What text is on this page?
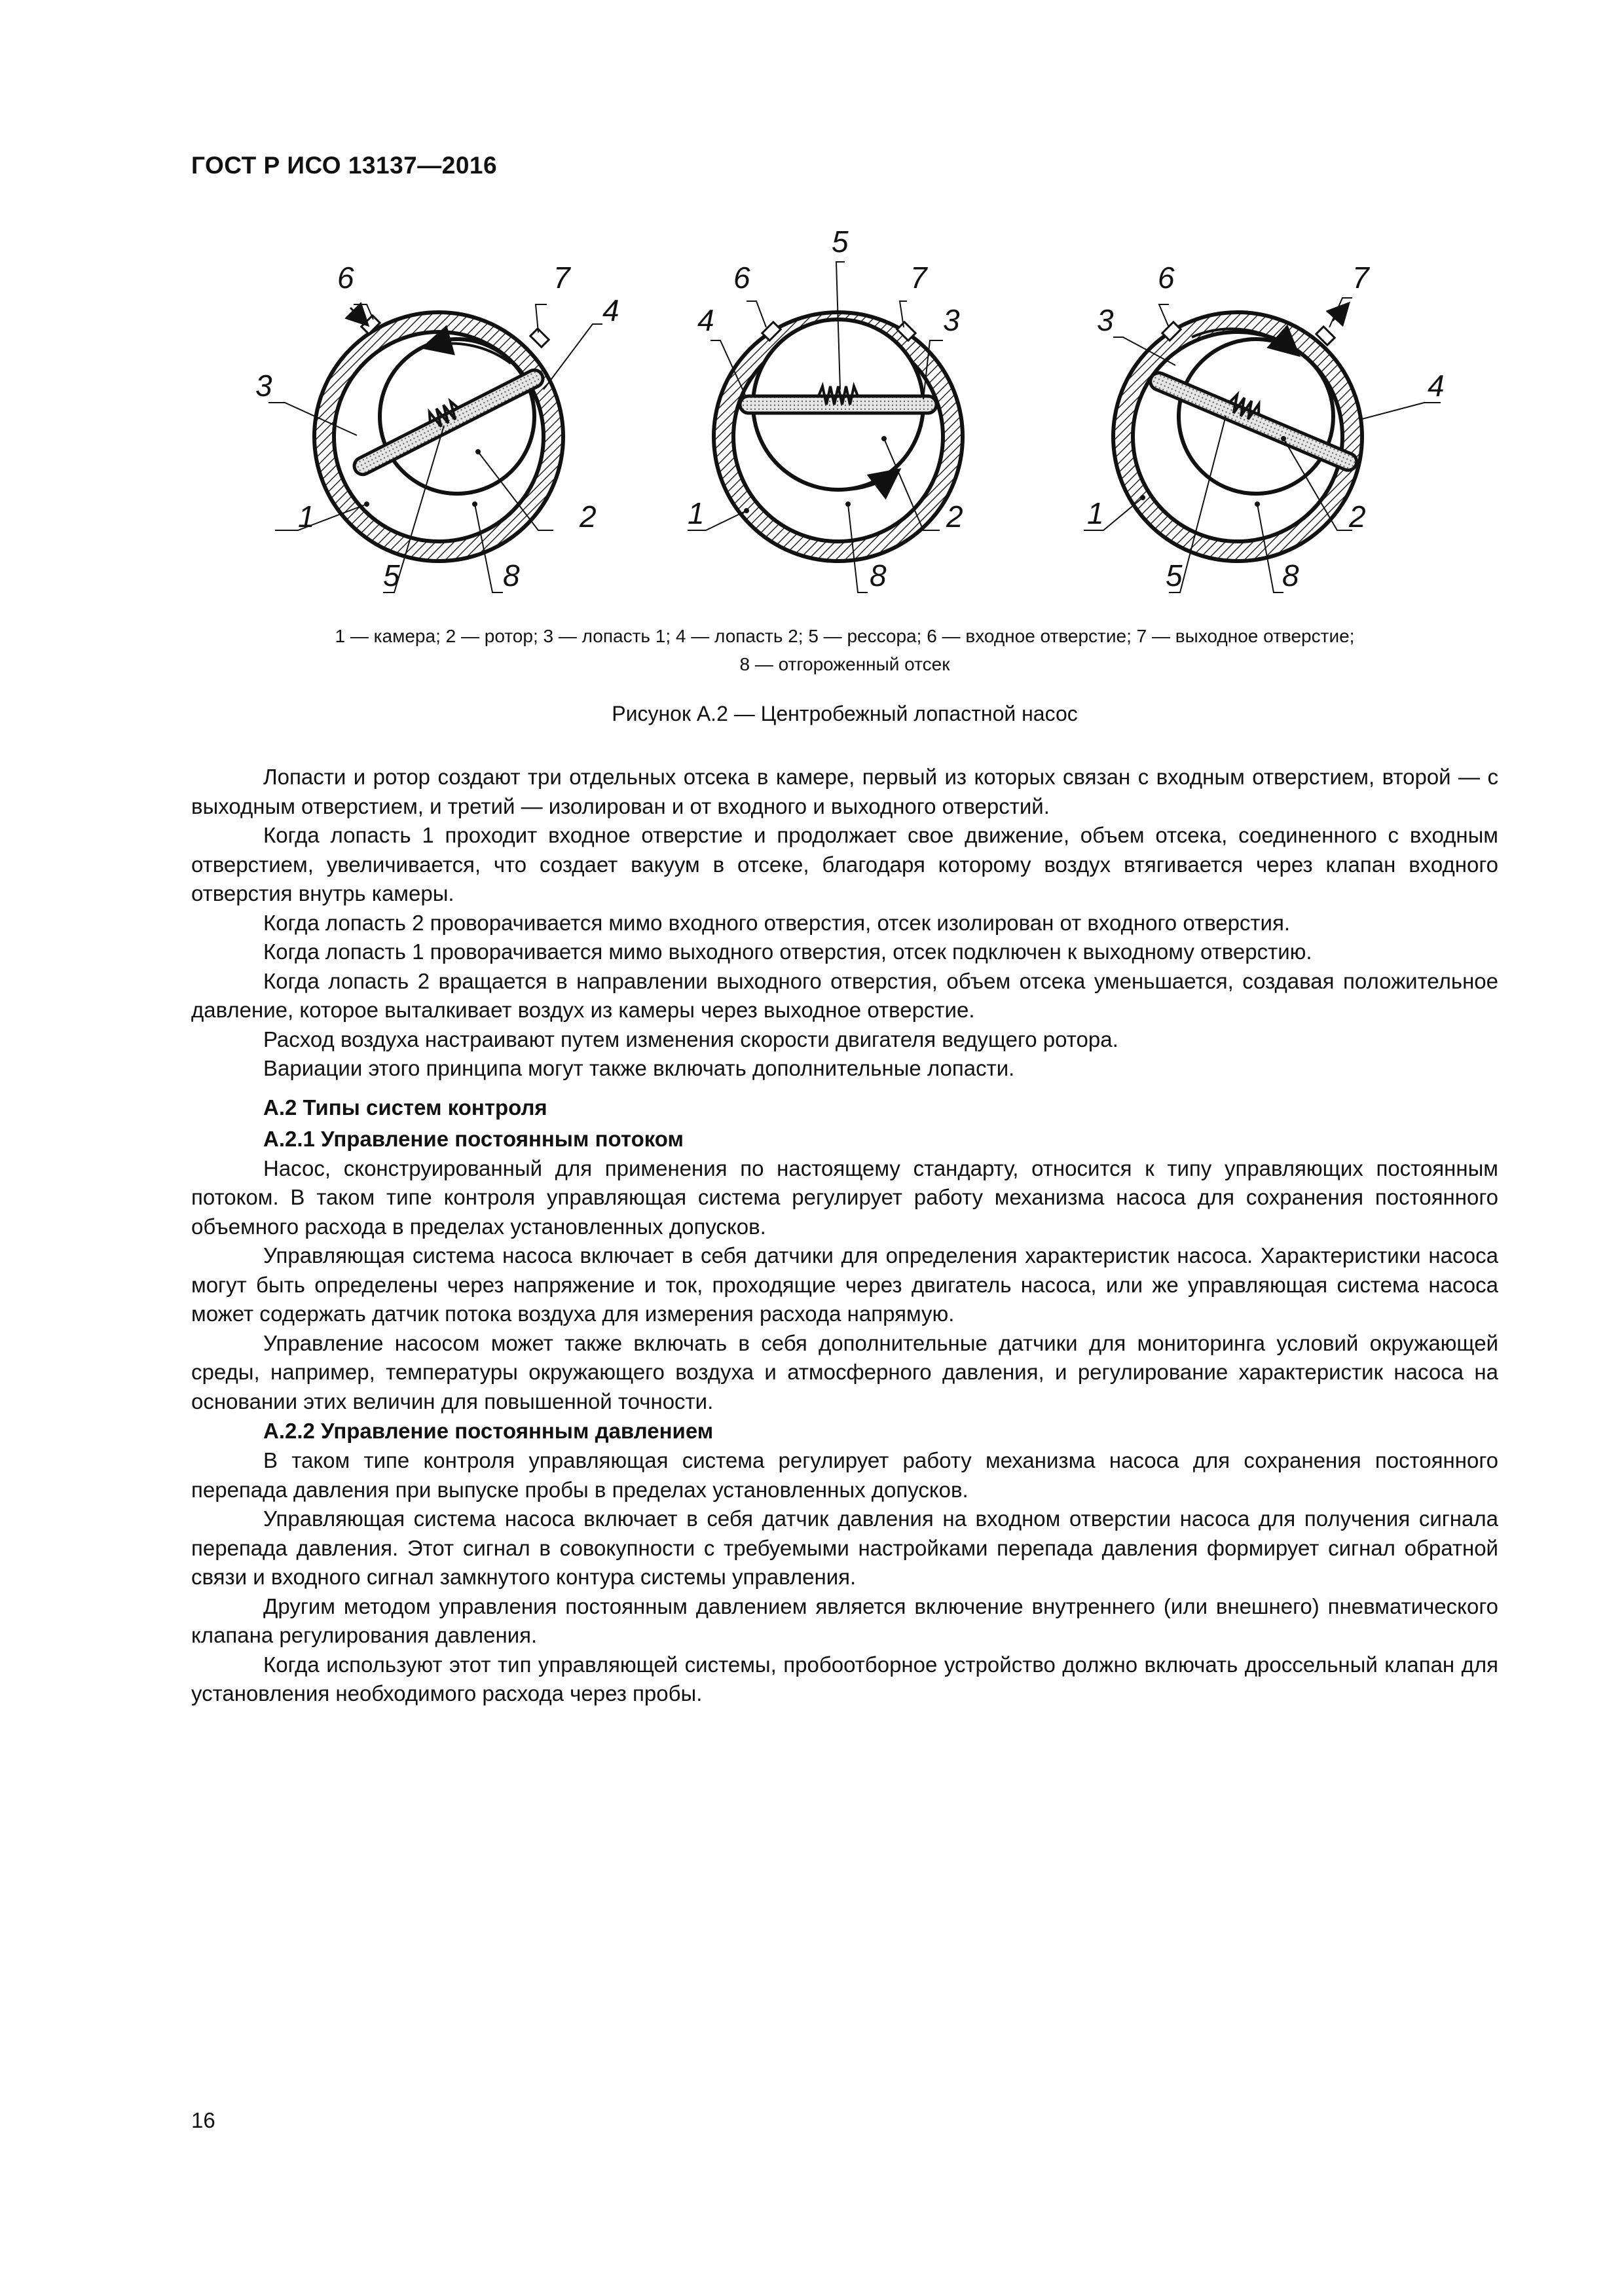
ГОСТ Р ИСО 13137—2016
6	7
4
3
1	2
5	8
5
6	7
4	3
1	2
8
6	7
3
4
1	2
5	8
1 — камера; 2 — ротор; 3 — лопасть 1; 4 — лопасть 2; 5 — рессора; 6 — входное отверстие; 7 — выходное отверстие;
8 — отгороженный отсек
Рисунок А.2 — Центробежный лопастной насос

Лопасти и ротор создают три отдельных отсека в камере, первый из которых связан с входным отверстием, второй — с выходным отверстием, и третий — изолирован и от входного и выходного отверстий.

Когда лопасть 1 проходит входное отверстие и продолжает свое движение, объем отсека, соединенного с входным отверстием, увеличивается, что создает вакуум в отсеке, благодаря которому воздух втягивается через клапан входного отверстия внутрь камеры.

Когда лопасть 2 проворачивается мимо входного отверстия, отсек изолирован от входного отверстия.

Когда лопасть 1 проворачивается мимо выходного отверстия, отсек подключен к выходному отверстию.

Когда лопасть 2 вращается в направлении выходного отверстия, объем отсека уменьшается, создавая положительное давление, которое выталкивает воздух из камеры через выходное отверстие.

Расход воздуха настраивают путем изменения скорости двигателя ведущего ротора.

Вариации этого принципа могут также включать дополнительные лопасти.

А.2 Типы систем контроля
А.2.1 Управление постоянным потоком

Насос, сконструированный для применения по настоящему стандарту, относится к типу управляющих постоянным потоком. В таком типе контроля управляющая система регулирует работу механизма насоса для сохранения постоянного объемного расхода в пределах установленных допусков.

Управляющая система насоса включает в себя датчики для определения характеристик насоса. Характеристики насоса могут быть определены через напряжение и ток, проходящие через двигатель насоса, или же управляющая система насоса может содержать датчик потока воздуха для измерения расхода напрямую.

Управление насосом может также включать в себя дополнительные датчики для мониторинга условий окружающей среды, например, температуры окружающего воздуха и атмосферного давления, и регулирование характеристик насоса на основании этих величин для повышенной точности.

А.2.2 Управление постоянным давлением

В таком типе контроля управляющая система регулирует работу механизма насоса для сохранения постоянного перепада давления при выпуске пробы в пределах установленных допусков.

Управляющая система насоса включает в себя датчик давления на входном отверстии насоса для получения сигнала перепада давления. Этот сигнал в совокупности с требуемыми настройками перепада давления формирует сигнал обратной связи и входного сигнал замкнутого контура системы управления.

Другим методом управления постоянным давлением является включение внутреннего (или внешнего) пневматического клапана регулирования давления.

Когда используют этот тип управляющей системы, пробоотборное устройство должно включать дроссельный клапан для установления необходимого расхода через пробы.

16
